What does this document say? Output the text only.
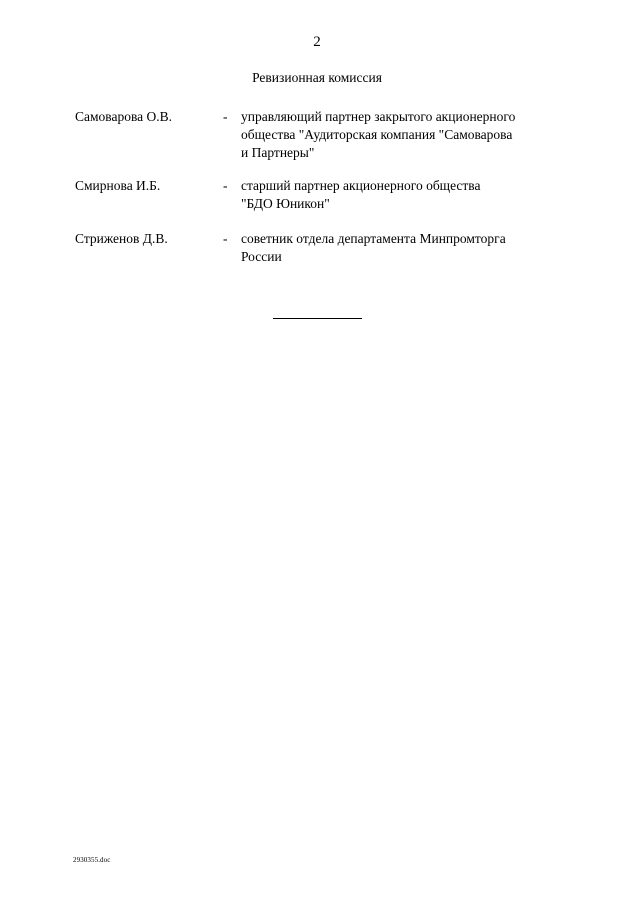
2
Ревизионная комиссия
Самоварова О.В.	- управляющий партнер закрытого акционерного
общества "Аудиторская компания "Самоварова
и Партнеры"
Смирнова И.Б.	- старший партнер акционерного общества
"БДО Юникон"
Стриженов Д.В.	- советник отдела департамента Минпромторга
России
2930355.doc
